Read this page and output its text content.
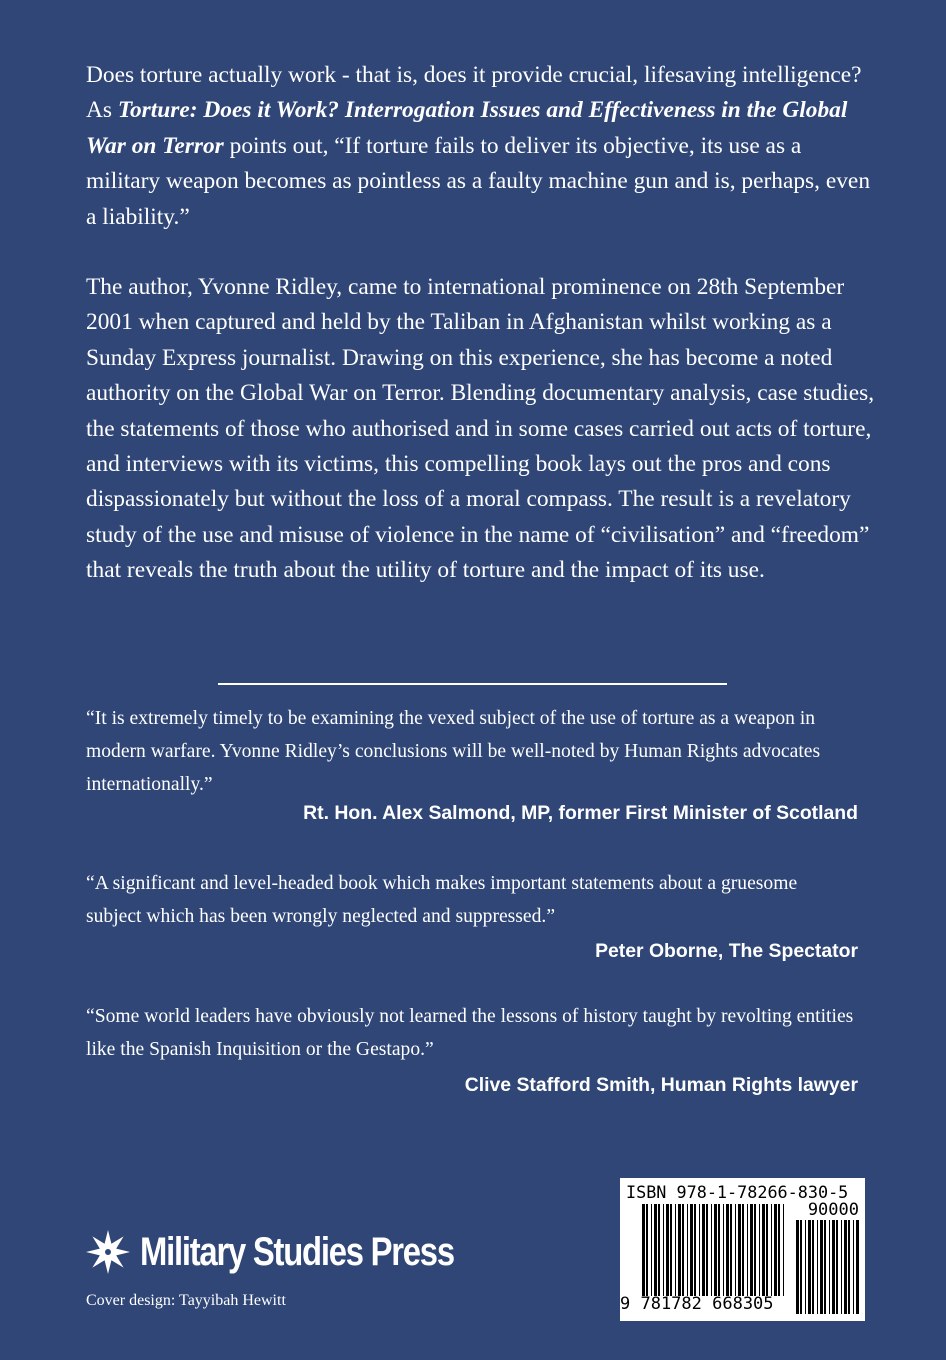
Does torture actually work - that is, does it provide crucial, lifesaving intelligence? As Torture: Does it Work? Interrogation Issues and Effectiveness in the Global War on Terror points out, “If torture fails to deliver its objective, its use as a military weapon becomes as pointless as a faulty machine gun and is, perhaps, even a liability.”

The author, Yvonne Ridley, came to international prominence on 28th September 2001 when captured and held by the Taliban in Afghanistan whilst working as a Sunday Express journalist. Drawing on this experience, she has become a noted authority on the Global War on Terror. Blending documentary analysis, case studies, the statements of those who authorised and in some cases carried out acts of torture, and interviews with its victims, this compelling book lays out the pros and cons dispassionately but without the loss of a moral compass. The result is a revelatory study of the use and misuse of violence in the name of “civilisation” and “freedom” that reveals the truth about the utility of torture and the impact of its use.

“It is extremely timely to be examining the vexed subject of the use of torture as a weapon in modern warfare. Yvonne Ridley’s conclusions will be well-noted by Human Rights advocates internationally.”

Rt. Hon. Alex Salmond, MP, former First Minister of Scotland

“A significant and level-headed book which makes important statements about a gruesome subject which has been wrongly neglected and suppressed.”

Peter Oborne, The Spectator

“Some world leaders have obviously not learned the lessons of history taught by revolting entities like the Spanish Inquisition or the Gestapo.”

Clive Stafford Smith, Human Rights lawyer

Military Studies Press
Cover design: Tayyibah Hewitt
ISBN 978-1-78266-830-5
90000
9 781782 668305
